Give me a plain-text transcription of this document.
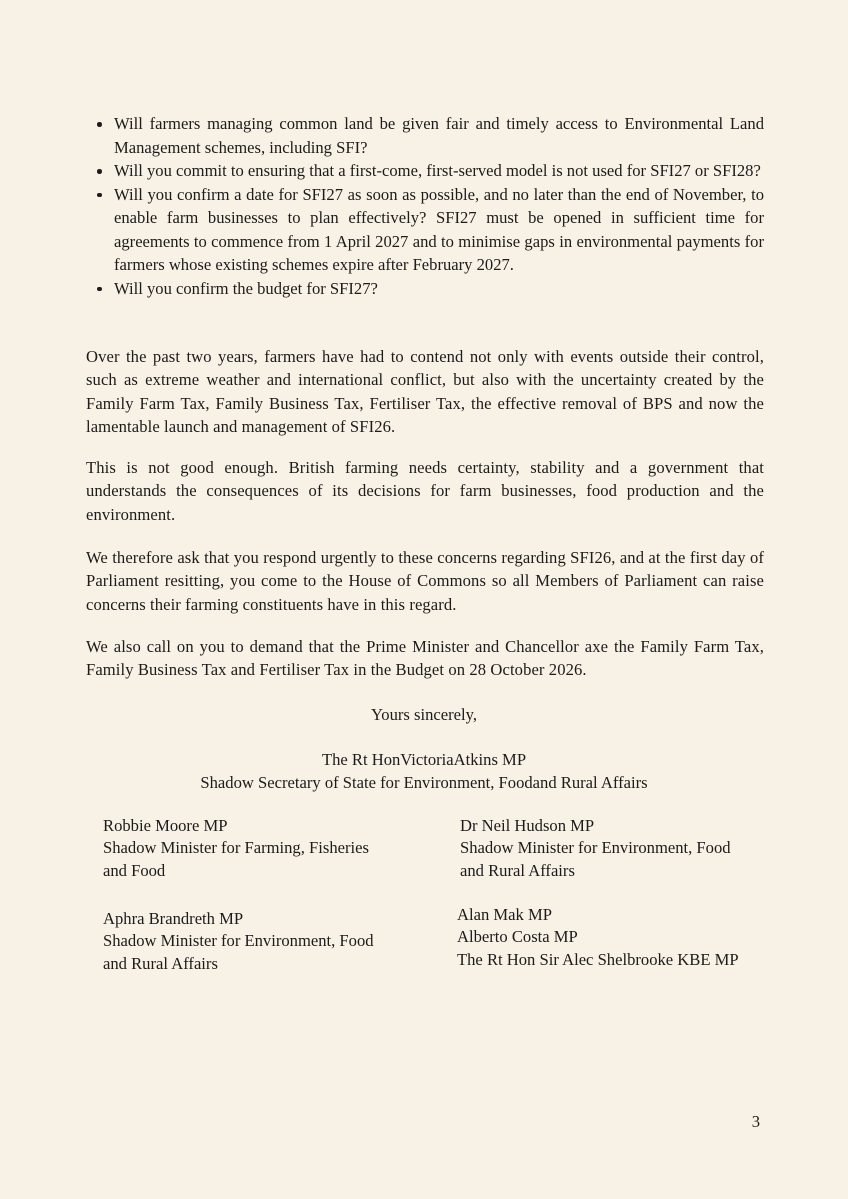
Will farmers managing common land be given fair and timely access to Environmental Land Management schemes, including SFI?
Will you commit to ensuring that a first-come, first-served model is not used for SFI27 or SFI28?
Will you confirm a date for SFI27 as soon as possible, and no later than the end of November, to enable farm businesses to plan effectively? SFI27 must be opened in sufficient time for agreements to commence from 1 April 2027 and to minimise gaps in environmental payments for farmers whose existing schemes expire after February 2027.
Will you confirm the budget for SFI27?

Over the past two years, farmers have had to contend not only with events outside their control, such as extreme weather and international conflict, but also with the uncertainty created by the Family Farm Tax, Family Business Tax, Fertiliser Tax, the effective removal of BPS and now the lamentable launch and management of SFI26.

This is not good enough. British farming needs certainty, stability and a government that understands the consequences of its decisions for farm businesses, food production and the environment.

We therefore ask that you respond urgently to these concerns regarding SFI26, and at the first day of Parliament resitting, you come to the House of Commons so all Members of Parliament can raise concerns their farming constituents have in this regard.

We also call on you to demand that the Prime Minister and Chancellor axe the Family Farm Tax, Family Business Tax and Fertiliser Tax in the Budget on 28 October 2026.

Yours sincerely,
The Rt HonVictoriaAtkins MP
Shadow Secretary of State for Environment, Foodand Rural Affairs
Robbie Moore MP
Shadow Minister for Farming, Fisheries
and Food
Dr Neil Hudson MP
Shadow Minister for Environment, Food
and Rural Affairs
Aphra Brandreth MP
Shadow Minister for Environment, Food
and Rural Affairs
Alan Mak MP
Alberto Costa MP
The Rt Hon Sir Alec Shelbrooke KBE MP
3
